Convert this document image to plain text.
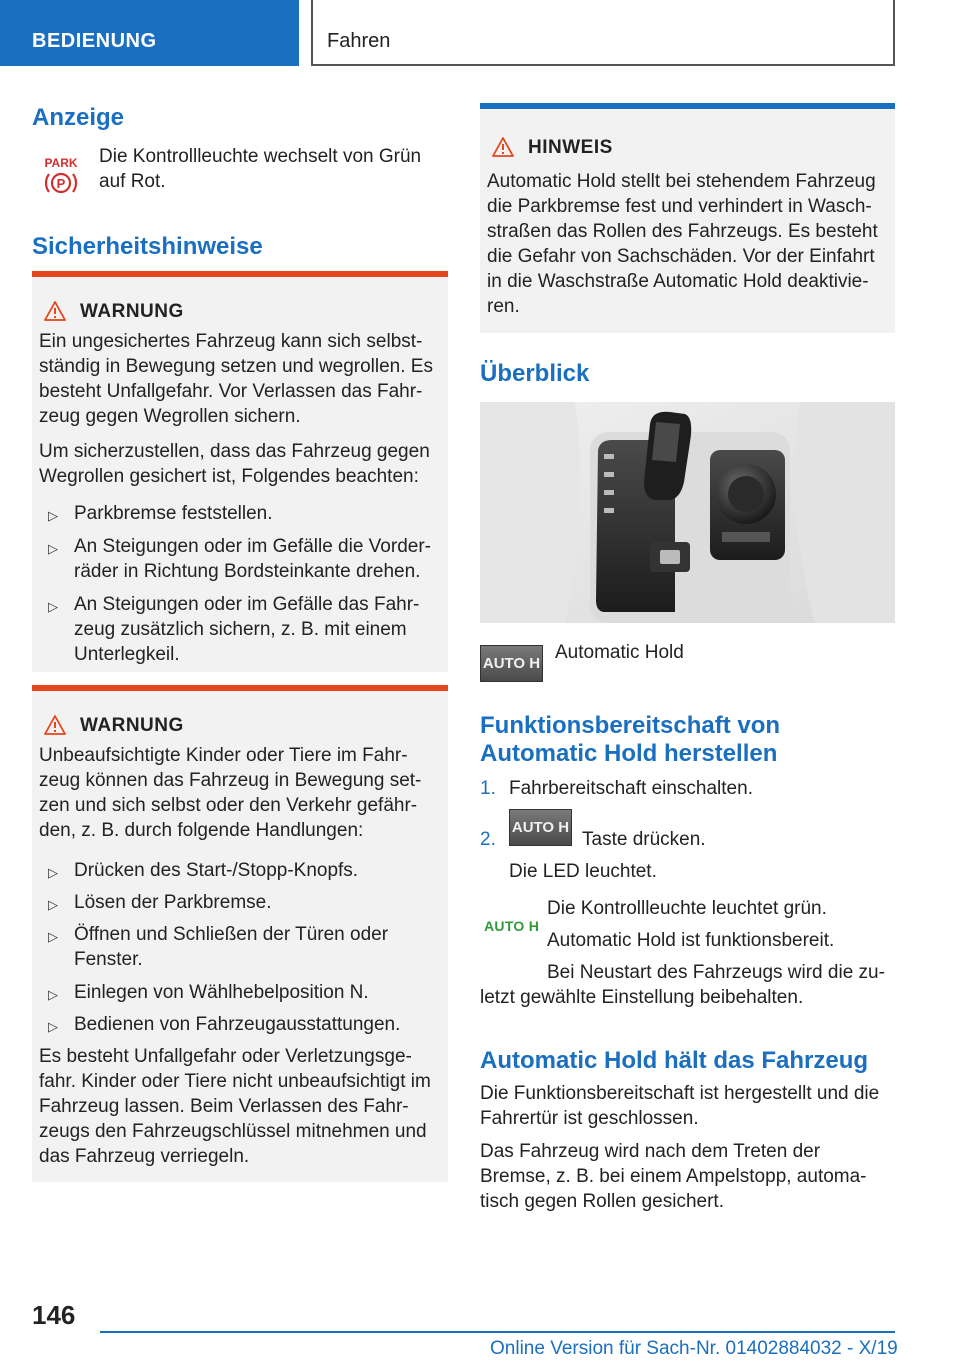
BEDIENUNG	Fahren
Anzeige
PARK
P
Die Kontrollleuchte wechselt von Grün
auf Rot.
Sicherheitshinweise
WARNUNG
Ein ungesichertes Fahrzeug kann sich selbst-
ständig in Bewegung setzen und wegrollen. Es
besteht Unfallgefahr. Vor Verlassen das Fahr-
zeug gegen Wegrollen sichern.
Um sicherzustellen, dass das Fahrzeug gegen
Wegrollen gesichert ist, Folgendes beachten:
▷ Parkbremse feststellen.
▷ An Steigungen oder im Gefälle die Vorder-
räder in Richtung Bordsteinkante drehen.
▷ An Steigungen oder im Gefälle das Fahr-
zeug zusätzlich sichern, z. B. mit einem
Unterlegkeil.
WARNUNG
Unbeaufsichtigte Kinder oder Tiere im Fahr-
zeug können das Fahrzeug in Bewegung set-
zen und sich selbst oder den Verkehr gefähr-
den, z. B. durch folgende Handlungen:
▷ Drücken des Start-/Stopp-Knopfs.
▷ Lösen der Parkbremse.
▷ Öffnen und Schließen der Türen oder
Fenster.
▷ Einlegen von Wählhebelposition N.
▷ Bedienen von Fahrzeugausstattungen.
Es besteht Unfallgefahr oder Verletzungsge-
fahr. Kinder oder Tiere nicht unbeaufsichtigt im
Fahrzeug lassen. Beim Verlassen des Fahr-
zeugs den Fahrzeugschlüssel mitnehmen und
das Fahrzeug verriegeln.
HINWEIS
Automatic Hold stellt bei stehendem Fahrzeug
die Parkbremse fest und verhindert in Wasch-
straßen das Rollen des Fahrzeugs. Es besteht
die Gefahr von Sachschäden. Vor der Einfahrt
in die Waschstraße Automatic Hold deaktivie-
ren.
Überblick
AUTO H
Automatic Hold
Funktionsbereitschaft von
Automatic Hold herstellen
1. Fahrbereitschaft einschalten.
2.
AUTO H
Taste drücken.
Die LED leuchtet.
AUTO H
Die Kontrollleuchte leuchtet grün.
Automatic Hold ist funktionsbereit.
Bei Neustart des Fahrzeugs wird die zu-
letzt gewählte Einstellung beibehalten.
Automatic Hold hält das Fahrzeug
Die Funktionsbereitschaft ist hergestellt und die
Fahrertür ist geschlossen.
Das Fahrzeug wird nach dem Treten der
Bremse, z. B. bei einem Ampelstopp, automa-
tisch gegen Rollen gesichert.
146
Online Version für Sach-Nr. 01402884032 - X/19
